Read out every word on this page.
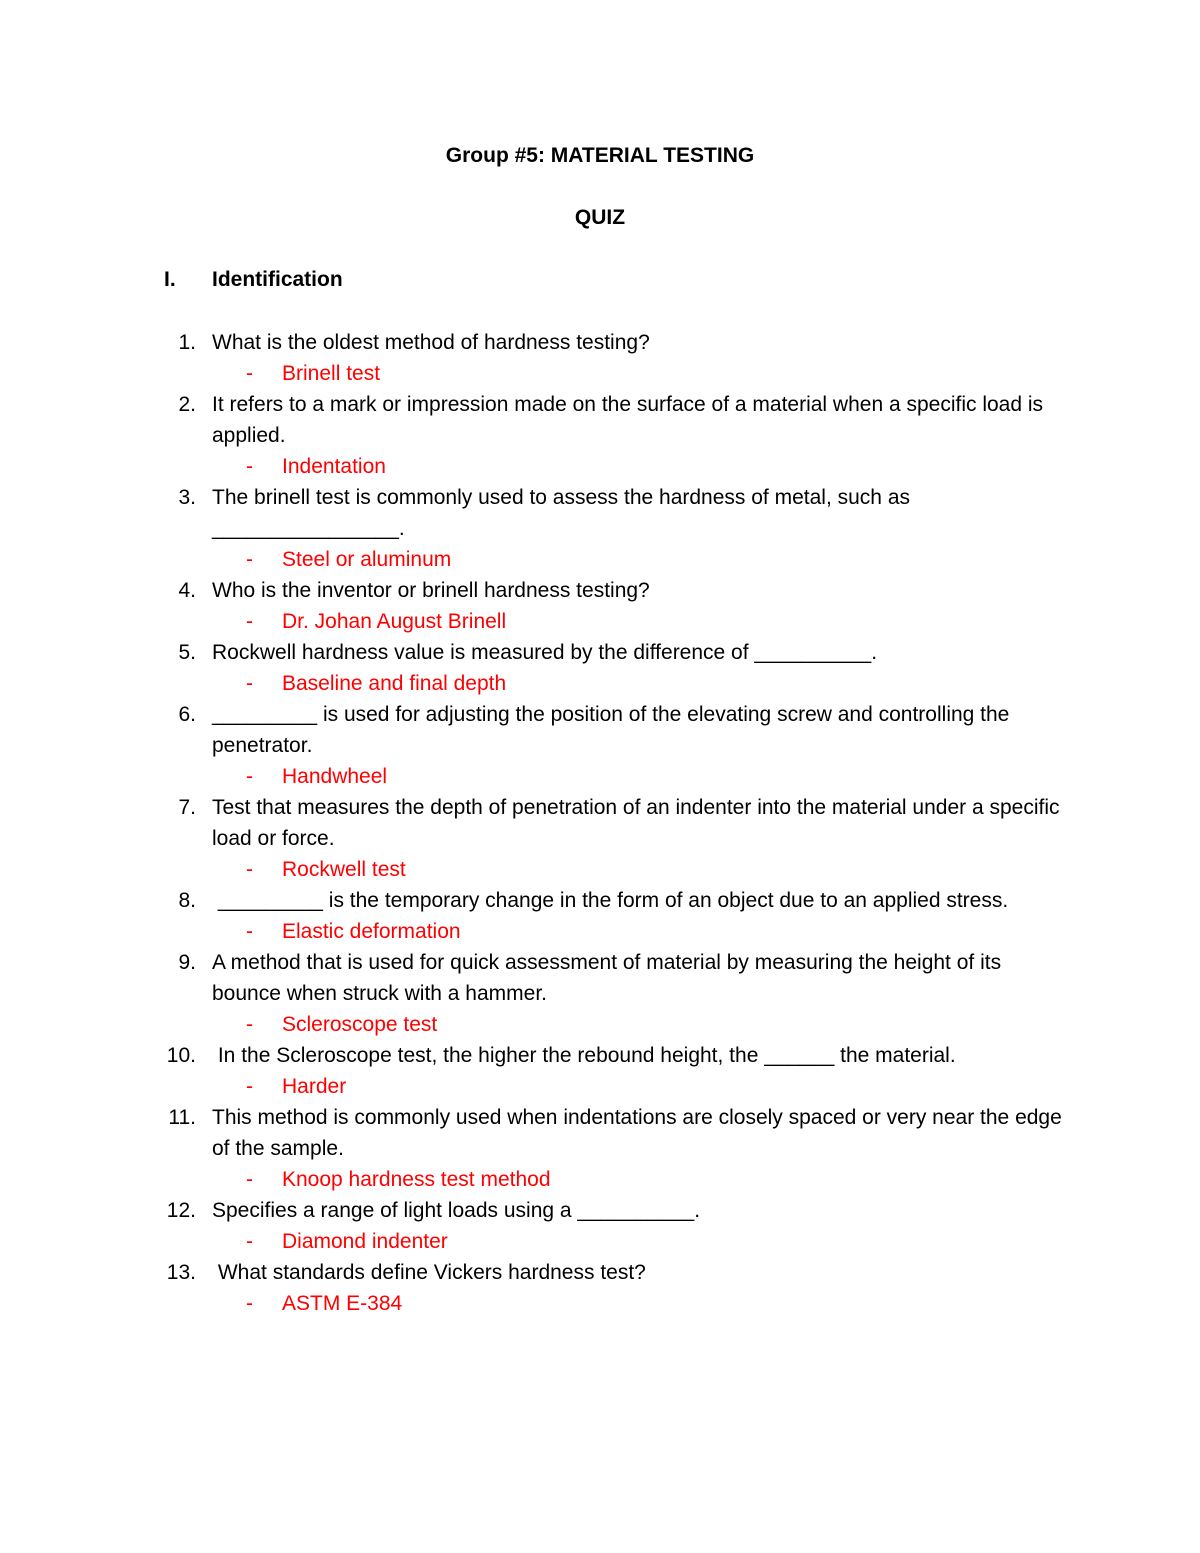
Group #5: MATERIAL TESTING
QUIZ
I. Identification
1. What is the oldest method of hardness testing?
- Brinell test
2. It refers to a mark or impression made on the surface of a material when a specific load is applied.
- Indentation
3. The brinell test is commonly used to assess the hardness of metal, such as ________________.
- Steel or aluminum
4. Who is the inventor or brinell hardness testing?
- Dr. Johan August Brinell
5. Rockwell hardness value is measured by the difference of __________.
- Baseline and final depth
6. _________ is used for adjusting the position of the elevating screw and controlling the penetrator.
- Handwheel
7. Test that measures the depth of penetration of an indenter into the material under a specific load or force.
- Rockwell test
8. _________ is the temporary change in the form of an object due to an applied stress.
- Elastic deformation
9. A method that is used for quick assessment of material by measuring the height of its bounce when struck with a hammer.
- Scleroscope test
10. In the Scleroscope test, the higher the rebound height, the ______ the material.
- Harder
11. This method is commonly used when indentations are closely spaced or very near the edge of the sample.
- Knoop hardness test method
12. Specifies a range of light loads using a __________.
- Diamond indenter
13. What standards define Vickers hardness test?
- ASTM E-384
